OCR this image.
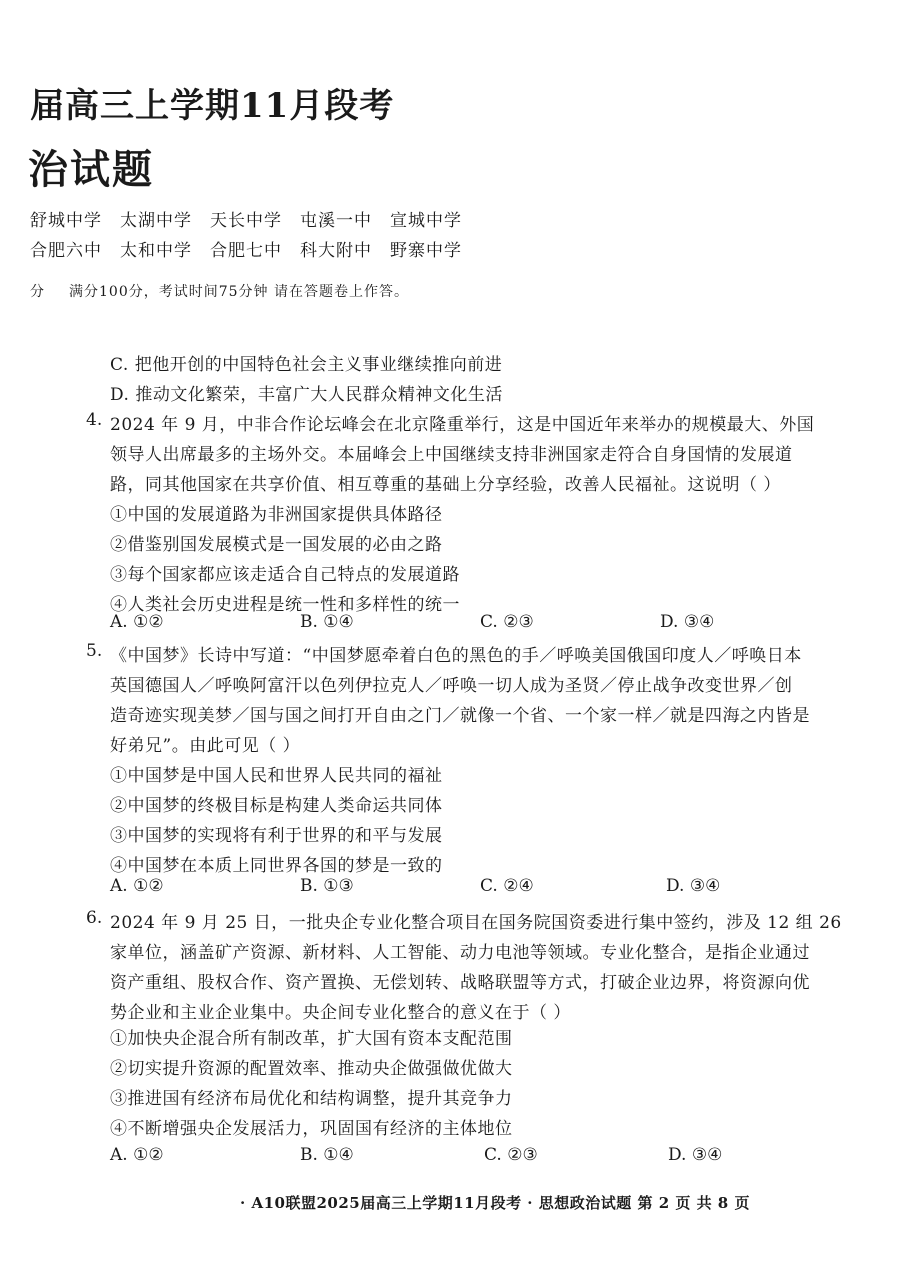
届高三上学期11月段考
治试题
舒城中学 太湖中学 天长中学 屯溪一中 宣城中学
合肥六中 太和中学 合肥七中 科大附中 野寨中学
分 满分100分，考试时间75分钟 请在答题卷上作答。
C. 把他开创的中国特色社会主义事业继续推向前进
D. 推动文化繁荣，丰富广大人民群众精神文化生活
4. 2024 年 9 月，中非合作论坛峰会在北京隆重举行，这是中国近年来举办的规模最大、外国
领导人出席最多的主场外交。本届峰会上中国继续支持非洲国家走符合自身国情的发展道
路，同其他国家在共享价值、相互尊重的基础上分享经验，改善人民福祉。这说明（ ）
①中国的发展道路为非洲国家提供具体路径
②借鉴别国发展模式是一国发展的必由之路
③每个国家都应该走适合自己特点的发展道路
④人类社会历史进程是统一性和多样性的统一
A. ①②	B. ①④	C. ②③	D. ③④
5. 《中国梦》长诗中写道：“中国梦愿牵着白色的黑色的手／呼唤美国俄国印度人／呼唤日本
英国德国人／呼唤阿富汗以色列伊拉克人／呼唤一切人成为圣贤／停止战争改变世界／创
造奇迹实现美梦／国与国之间打开自由之门／就像一个省、一个家一样／就是四海之内皆是
好弟兄”。由此可见（ ）
①中国梦是中国人民和世界人民共同的福祉
②中国梦的终极目标是构建人类命运共同体
③中国梦的实现将有利于世界的和平与发展
④中国梦在本质上同世界各国的梦是一致的
A. ①②	B. ①③	C. ②④	D. ③④
6. 2024 年 9 月 25 日，一批央企专业化整合项目在国务院国资委进行集中签约，涉及 12 组 26
家单位，涵盖矿产资源、新材料、人工智能、动力电池等领域。专业化整合，是指企业通过
资产重组、股权合作、资产置换、无偿划转、战略联盟等方式，打破企业边界，将资源向优
势企业和主业企业集中。央企间专业化整合的意义在于（ ）
①加快央企混合所有制改革，扩大国有资本支配范围
②切实提升资源的配置效率、推动央企做强做优做大
③推进国有经济布局优化和结构调整，提升其竞争力
④不断增强央企发展活力，巩固国有经济的主体地位
A. ①②	B. ①④	C. ②③	D. ③④
· A10联盟2025届高三上学期11月段考 · 思想政治试题 第 2 页 共 8 页
